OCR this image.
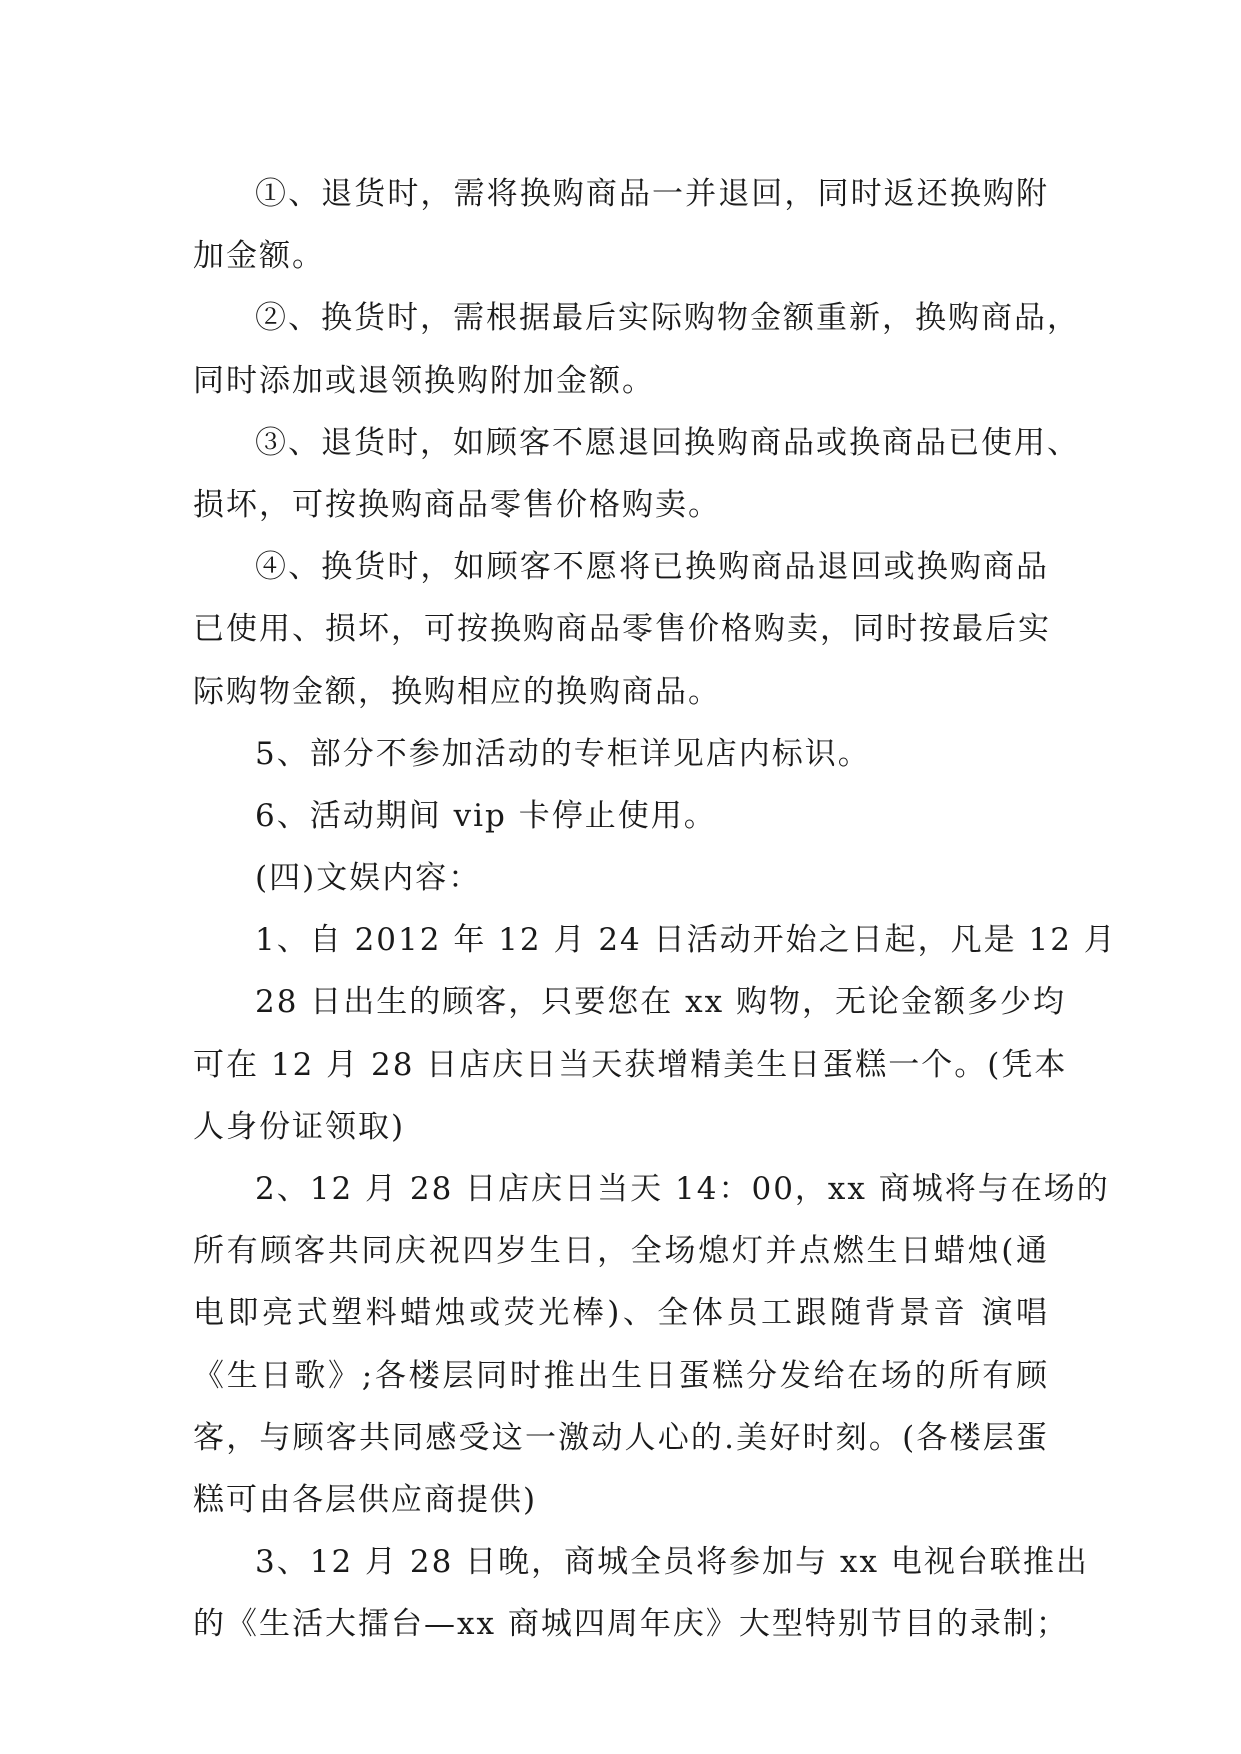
①、退货时，需将换购商品一并退回，同时返还换购附
加金额。
②、换货时，需根据最后实际购物金额重新，换购商品，
同时添加或退领换购附加金额。
③、退货时，如顾客不愿退回换购商品或换商品已使用、
损坏，可按换购商品零售价格购卖。
④、换货时，如顾客不愿将已换购商品退回或换购商品
已使用、损坏，可按换购商品零售价格购卖，同时按最后实
际购物金额，换购相应的换购商品。
5、部分不参加活动的专柜详见店内标识。
6、活动期间 vip 卡停止使用。
(四)文娱内容：
1、自 2012 年 12 月 24 日活动开始之日起，凡是 12 月
28 日出生的顾客，只要您在 xx 购物，无论金额多少均
可在 12 月 28 日店庆日当天获增精美生日蛋糕一个。(凭本
人身份证领取)
2、12 月 28 日店庆日当天 14：00，xx 商城将与在场的
所有顾客共同庆祝四岁生日，全场熄灯并点燃生日蜡烛(通
电即亮式塑料蜡烛或荧光棒)、全体员工跟随背景音 演唱
《生日歌》;各楼层同时推出生日蛋糕分发给在场的所有顾
客，与顾客共同感受这一激动人心的.美好时刻。(各楼层蛋
糕可由各层供应商提供)
3、12 月 28 日晚，商城全员将参加与 xx 电视台联推出
的《生活大擂台—xx 商城四周年庆》大型特别节目的录制；
